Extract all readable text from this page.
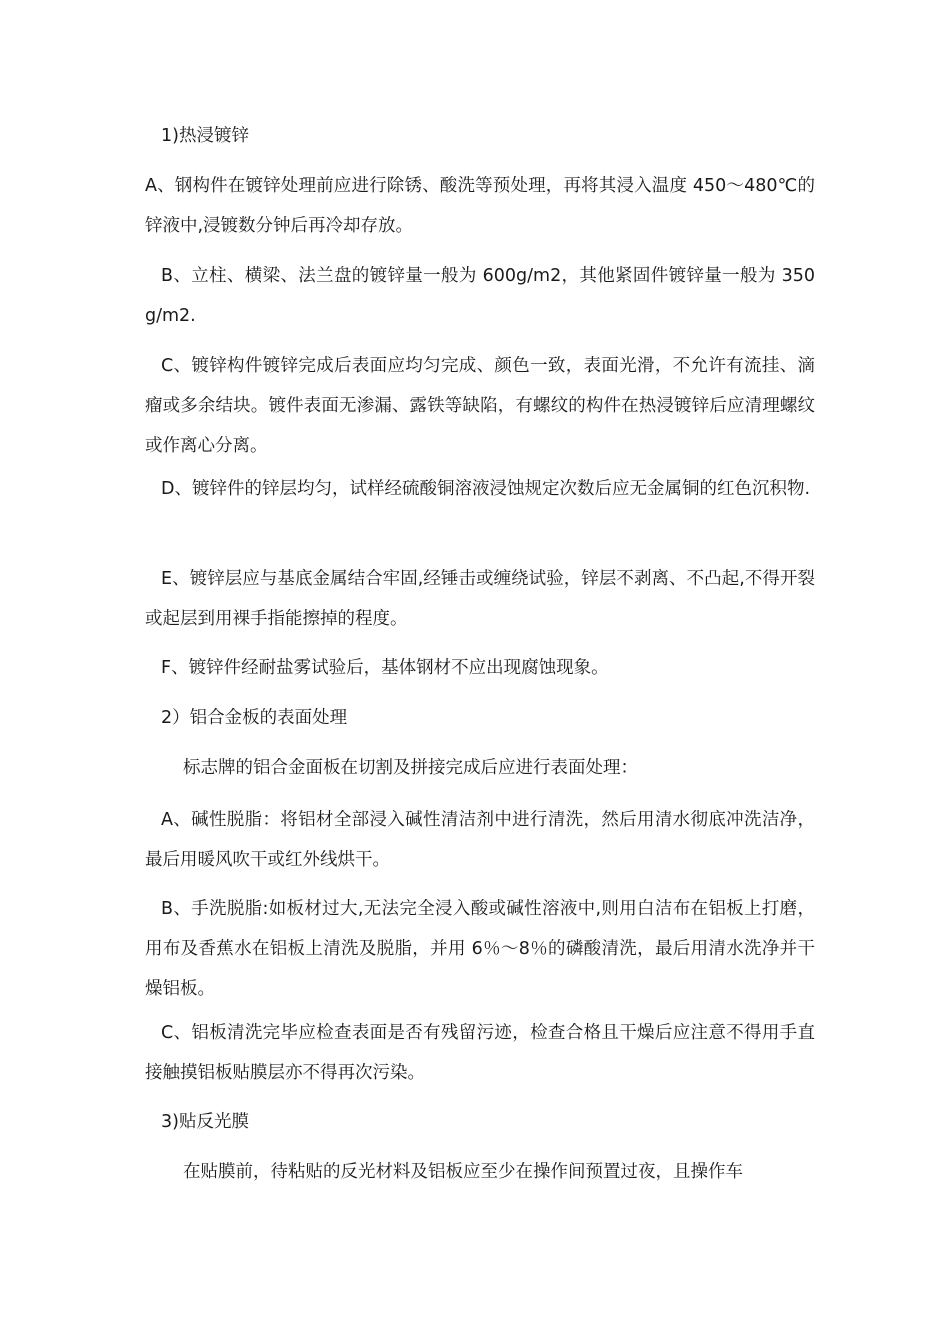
1)热浸镀锌

A、钢构件在镀锌处理前应进行除锈、酸洗等预处理，再将其浸入温度 450～480℃的锌液中,浸镀数分钟后再冷却存放。

B、立柱、横梁、法兰盘的镀锌量一般为 600g/m2，其他紧固件镀锌量一般为 350g/m2.

C、镀锌构件镀锌完成后表面应均匀完成、颜色一致，表面光滑，不允许有流挂、滴瘤或多余结块。镀件表面无渗漏、露铁等缺陷，有螺纹的构件在热浸镀锌后应清理螺纹或作离心分离。

D、镀锌件的锌层均匀，试样经硫酸铜溶液浸蚀规定次数后应无金属铜的红色沉积物.

E、镀锌层应与基底金属结合牢固,经锤击或缠绕试验，锌层不剥离、不凸起,不得开裂或起层到用裸手指能擦掉的程度。

F、镀锌件经耐盐雾试验后，基体钢材不应出现腐蚀现象。

2）铝合金板的表面处理

标志牌的铝合金面板在切割及拼接完成后应进行表面处理：

A、碱性脱脂：将铝材全部浸入碱性清洁剂中进行清洗，然后用清水彻底冲洗洁净，最后用暖风吹干或红外线烘干。

B、手洗脱脂:如板材过大,无法完全浸入酸或碱性溶液中,则用白洁布在铝板上打磨，用布及香蕉水在铝板上清洗及脱脂，并用 6％～8％的磷酸清洗，最后用清水洗净并干燥铝板。

C、铝板清洗完毕应检查表面是否有残留污迹，检查合格且干燥后应注意不得用手直接触摸铝板贴膜层亦不得再次污染。

3)贴反光膜

在贴膜前，待粘贴的反光材料及铝板应至少在操作间预置过夜，且操作车
